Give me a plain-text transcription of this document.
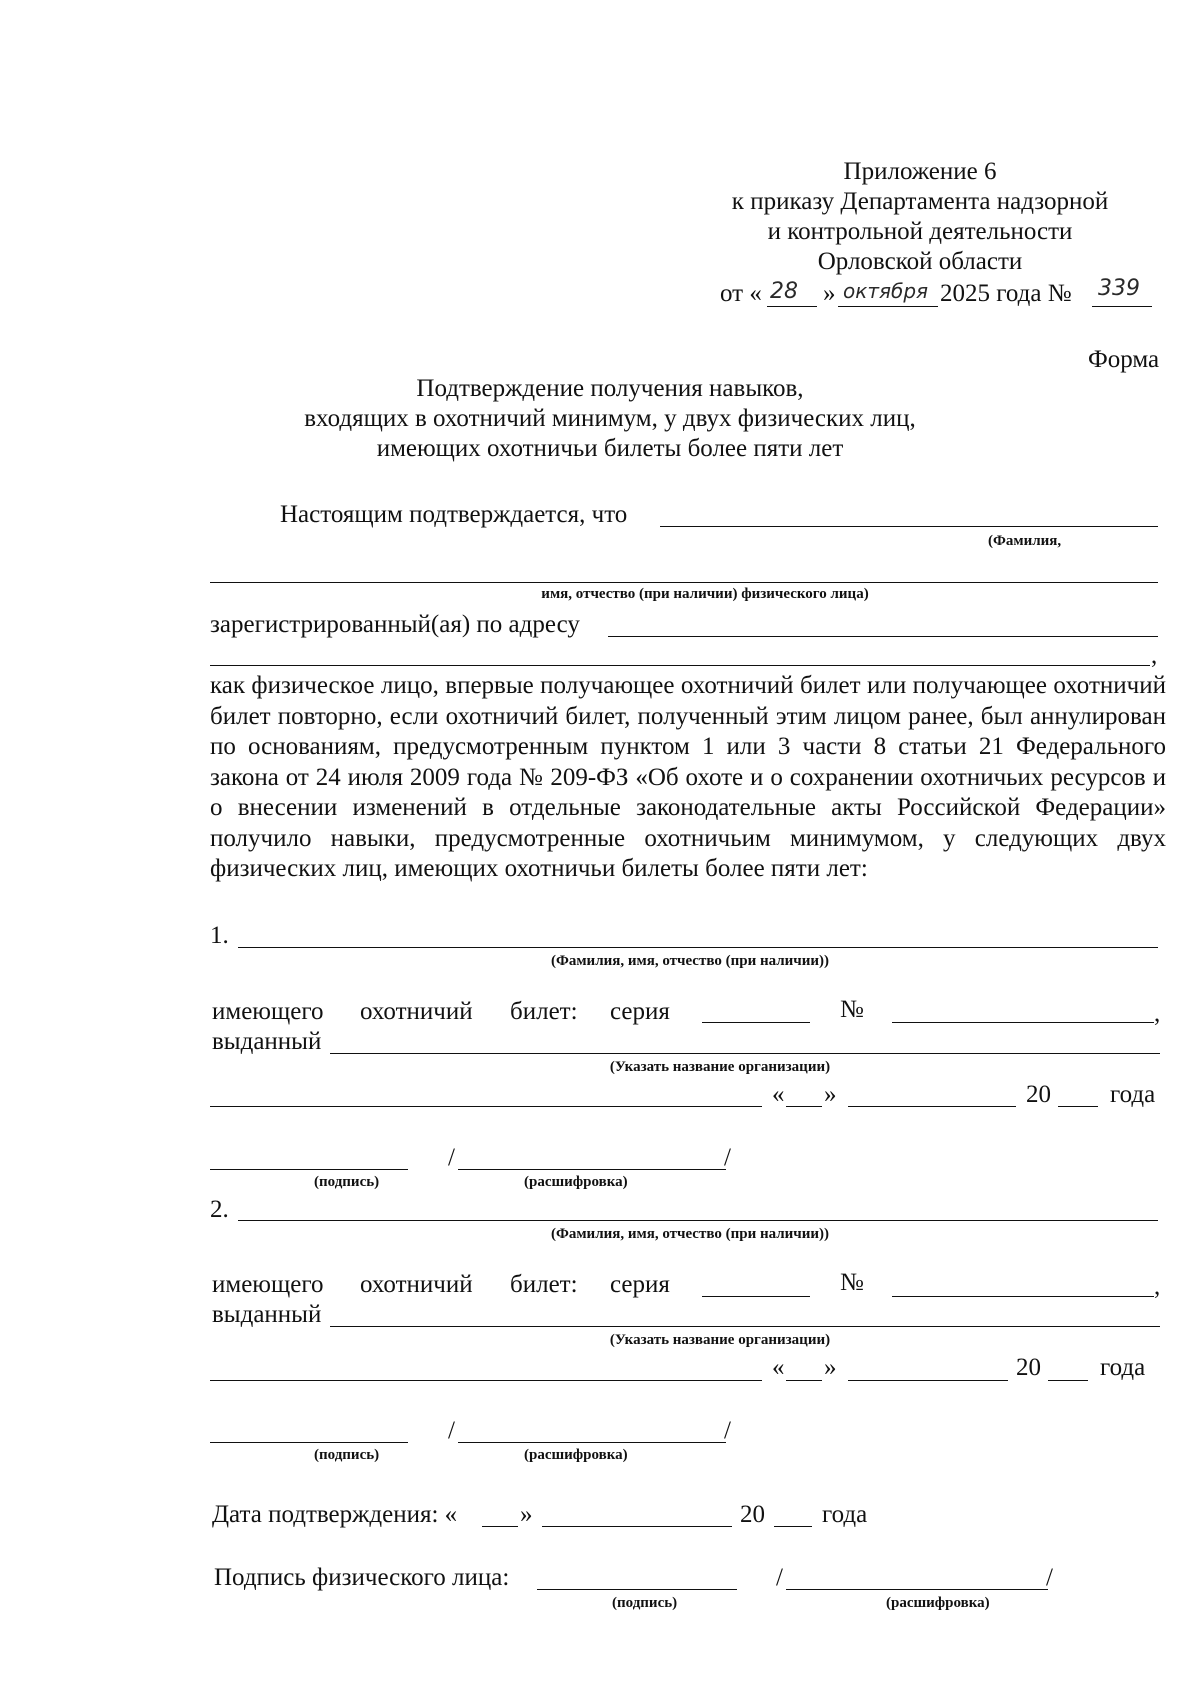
Приложение 6
к приказу Департамента надзорной
и контрольной деятельности
Орловской области
от « 28 » октября 2025 года № 339
Форма
Подтверждение получения навыков,
входящих в охотничий минимум, у двух физических лиц,
имеющих охотничьи билеты более пяти лет
Настоящим подтверждается, что
(Фамилия,
имя, отчество (при наличии) физического лица)
зарегистрированный(ая) по адресу
,
как физическое лицо, впервые получающее охотничий билет или получающее охотничий билет повторно, если охотничий билет, полученный этим лицом ранее, был аннулирован по основаниям, предусмотренным пунктом 1 или 3 части 8 статьи 21 Федерального закона от 24 июля 2009 года № 209-ФЗ «Об охоте и о сохранении охотничьих ресурсов и о внесении изменений в отдельные законодательные акты Российской Федерации» получило навыки, предусмотренные охотничьим минимумом, у следующих двух физических лиц, имеющих охотничьи билеты более пяти лет:
1.
(Фамилия, имя, отчество (при наличии))
имеющего охотничий билет: серия	№	,
выданный
(Указать название организации)
« »	20 года
/	/
(подпись)	(расшифровка)
2.
(Фамилия, имя, отчество (при наличии))
имеющего охотничий билет: серия	№	,
выданный
(Указать название организации)
« »	20 года
/	/
(подпись)	(расшифровка)
Дата подтверждения: «	»	20 года
Подпись физического лица:	/	/
(подпись)	(расшифровка)
